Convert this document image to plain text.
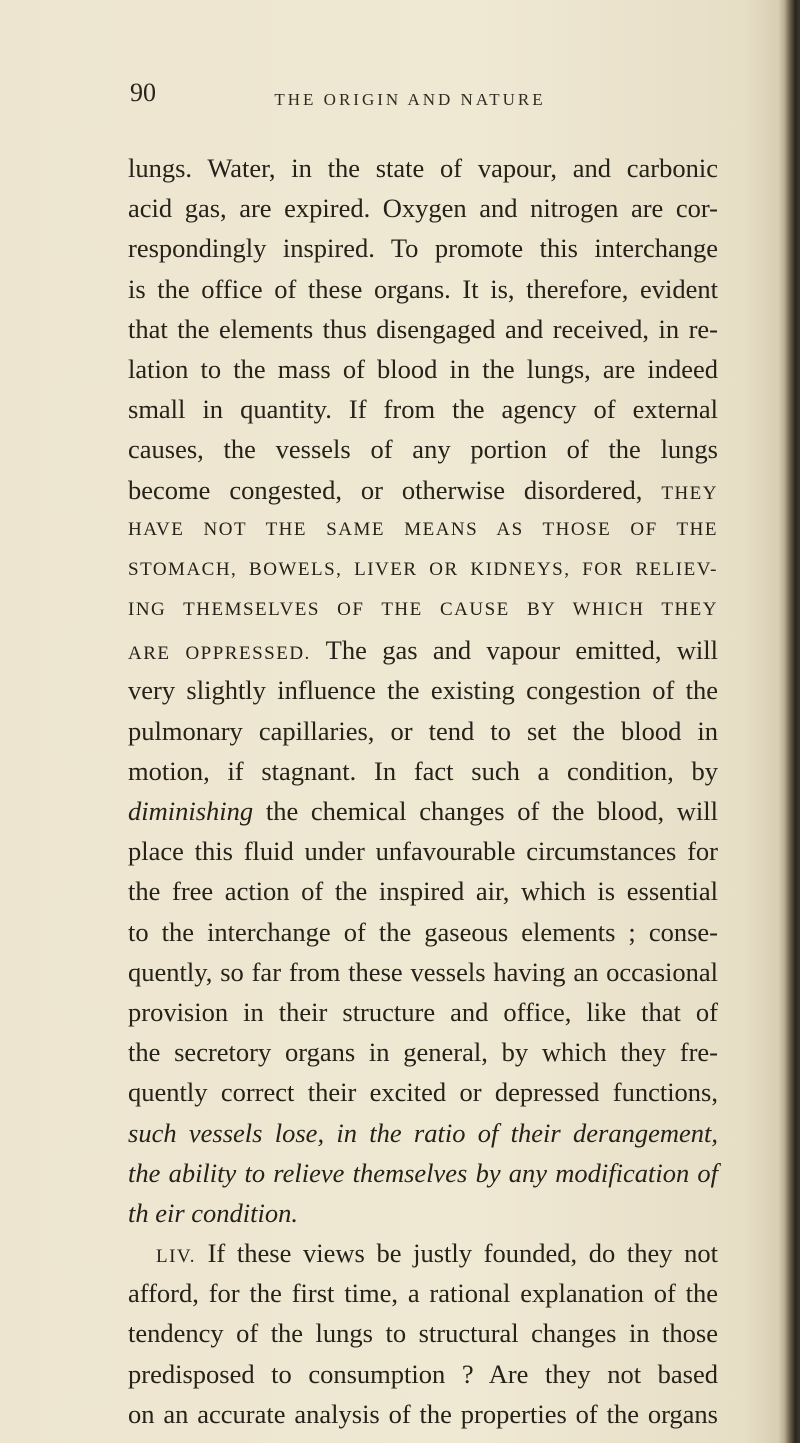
90	THE ORIGIN AND NATURE
lungs. Water, in the state of vapour, and carbonic
acid gas, are expired. Oxygen and nitrogen are cor-
respondingly inspired. To promote this interchange
is the office of these organs. It is, therefore, evident
that the elements thus disengaged and received, in re-
lation to the mass of blood in the lungs, are indeed
small in quantity. If from the agency of external
causes, the vessels of any portion of the lungs
become congested, or otherwise disordered, THEY
HAVE NOT THE SAME MEANS AS THOSE OF THE
STOMACH, BOWELS, LIVER OR KIDNEYS, FOR RELIEV-
ING THEMSELVES OF THE CAUSE BY WHICH THEY
ARE OPPRESSED. The gas and vapour emitted, will
very slightly influence the existing congestion of the
pulmonary capillaries, or tend to set the blood in
motion, if stagnant. In fact such a condition, by
diminishing the chemical changes of the blood, will
place this fluid under unfavourable circumstances for
the free action of the inspired air, which is essential
to the interchange of the gaseous elements ; conse-
quently, so far from these vessels having an occasional
provision in their structure and office, like that of
the secretory organs in general, by which they fre-
quently correct their excited or depressed functions,
such vessels lose, in the ratio of their derangement,
the ability to relieve themselves by any modification of
th eir condition.
LIV. If these views be justly founded, do they not
afford, for the first time, a rational explanation of the
tendency of the lungs to structural changes in those
predisposed to consumption ? Are they not based
on an accurate analysis of the properties of the organs
